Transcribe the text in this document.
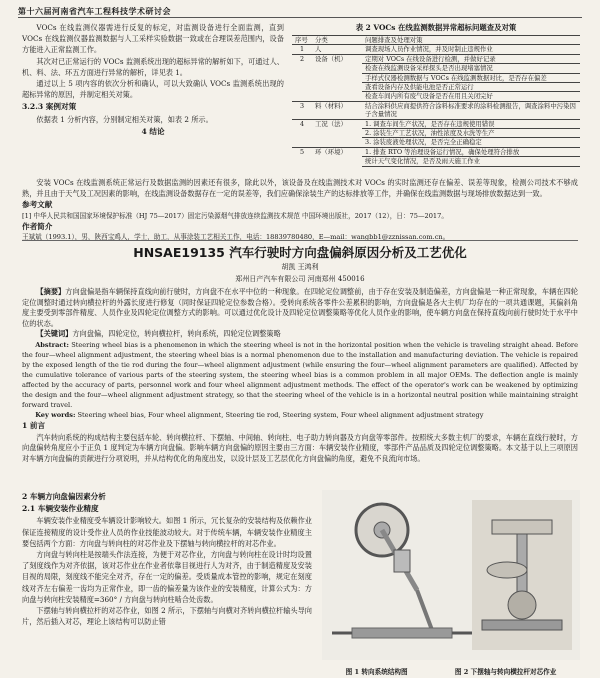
第十六届河南省汽车工程科技学术研讨会

VOCs 在线监测仪器需进行反复的标定，对监测设备进行全面监测，直到 VOCs 在线监测仪器监测数据与人工采样实验数据一致或在合理误差范围内，设备方能进入正常监测工作。

其次对已正常运行的 VOCs 监测系统出现的超标异常的解析如下，可通过人、机、料、法、环五方面进行异常的解析，详见表 1。

通过以上 5 项内容的依次分析和确认，可以大致确认 VOCs 监测系统出现的超标异常的原因，并制定相关对策。

3.2.3 案例对策

依据表 1 分析内容，分别制定相关对策，如表 2 所示。

4 结论
表 2 VOCs 在线监测数据异常超标问题查及对策
序号	分类	问题排查及处理对策
1	人	调查现场人员作业情况，并及时制止违规作业
2	设备（机）	定期对 VOCs 在线设备进行检测，并做好记录
		检查在线监测设备采样探头是否出现堵塞情况
		手样式仪器检测数据与 VOCs 在线监测数据对比，是否存在偏差
		查看设备内存及供能电池是否正常运行
		检查车间内所有废气设备是否在用且关闭完好
3	料（材料）	结合涂料供应商提供符合涂料标准要求的涂料检测报告，调查涂料中污染因子含量情况
4	工况（法）	1. 调查车间生产状况，是否存在违规使用错误
		2. 涂装生产工艺状况，油性浓度及水洗等生产
		3. 涂装废液处理状况，是否完全正确稳定
5	环（环境）	1. 排查 RTO 等治理设备运行情况，确保处理符合排放
		统计天气变化情况，是否及雨天施工作业

安装 VOCs 在线监测系统正常运行及数据监测的因素还有很多，除此以外，该设备及在线监测技术对 VOCs 的实时监测还存在偏差、误差等现象，检测公司技术不够成熟，并且由于天气及工况因素的影响，在线监测设备数据存在一定的误差等，我们应确保涂装生产的达标排放等工作，并确保在线监测数据与现场排放数据达到一致。

参考文献
[1] 中华人民共和国国家环境保护标准（HJ 75—2017）固定污染源烟气排放连续监测技术规范 中国环境出版社，2017（12），日：75—2017。
作者简介
王斌斌（1993.1），男，陕西宝鸡人，学士，助工，从事涂装工艺相关工作，电话：18839780480，E—mail：wangbb1@zznissan.com.cn。
HNSAE19135 汽车行驶时方向盘偏斜原因分析及工艺优化
胡凯 王鸿利
郑州日产汽车有限公司 河南郑州 450016

【摘要】方向盘偏是指车辆保持直线向前行驶时，方向盘不在水平中位的一种现象。在四轮定位调整前，由于存在安装及制造偏差，方向盘偏是一种正常现象，车辆在四轮定位调整时通过转向横拉杆的外露长度进行修复（同时保证四轮定位参数合格）。受转向系统各零件公差累积的影响，方向盘偏是各大主机厂均存在的一项共通课题，其偏斜角度主要受到零部件精度、人员作业及四轮定位调整方式的影响。可以通过优化设计及四轮定位调整策略等优化人员作业的影响，使车辆方向盘在保持直线向前行驶时处于水平中位的状态。

【关键词】方向盘偏，四轮定位，转向横拉杆，转向系统，四轮定位调整策略

Abstract: Steering wheel bias is a phenomenon in which the steering wheel is not in the horizontal position when the vehicle is traveling straight ahead. Before the four—wheel alignment adjustment, the steering wheel bias is a normal phenomenon due to the installation and manufacturing deviation. The vehicle is repaired by the exposed length of the tie rod during the four—wheel alignment adjustment (while ensuring the four—wheel alignment parameters are qualified). Affected by the cumulative tolerance of various parts of the steering system, the steering wheel bias is a common problem in all major OEMs. The deflection angle is mainly affected by the accuracy of parts, personnel work and four wheel alignment adjustment methods. The effect of the operator's work can be weakened by optimizing the design and the four—wheel alignment adjustment strategy, so that the steering wheel of the vehicle is in a horizontal neutral position while maintaining straight forward travel.

Key words: Steering wheel bias, Four wheel alignment, Steering tie rod, Steering system, Four wheel alignment adjustment strategy

1 前言

汽车转向系统的构成结构主要包括车轮、转向横拉杆、下摆轴、中间轴、转向柱、电子助力转向器及方向盘等零部件。按照统大多数主机厂的要求，车辆在直线行驶时，方向盘偏转角度应小于正负 1 度判定为车辆方向盘偏。影响车辆方向盘偏的原因主要由三方面：车辆安装作业精度，零部件产品品质及四轮定位调整策略。本文基于以上三项原因对车辆方向盘偏的贡献进行分项说明，并从结构优化的角度出发，以设计层及工艺层优化方向盘偏的角度，避免不良流向市场。

2 车辆方向盘偏因素分析
2.1 车辆安装作业精度

车辆安装作业精度受车辆设计影响较大。如图 1 所示，冗长复杂的安装结构及依赖作业保证连接精度的设计受作业人员的作业技能波动较大。对于传统车辆，车辆安装作业精度主要包括两个方面：方向盘与转向柱的对芯作业及下摆轴与转向横拉杆的对芯作业。

方向盘与转向柱是按端头作法连接，为便于对芯作业，方向盘与转向柱在设计时均设置了刻度线作为对齐依据，该对芯作业在作业者依靠目视进行人为对齐，由于制造精度及安装目视的局限，刻度线不能完全对齐，存在一定的偏差。受质量成本管控的影响，规定在刻度线对齐左右偏差一齿均为正常作业，即一齿的偏差量为该作业的安装精度，计算公式为：方向盘与转向柱安装精度=360° / 方向盘与转向柱啮合处齿数。

下摆轴与转向横拉杆的对芯作业，如图 2 所示，下摆轴与向横对齐转向横拉杆输头导向片，然后插入对芯，理论上该结构可以防止错

图 1 转向系统结构图	图 2 下摆轴与转向横拉杆对芯作业
